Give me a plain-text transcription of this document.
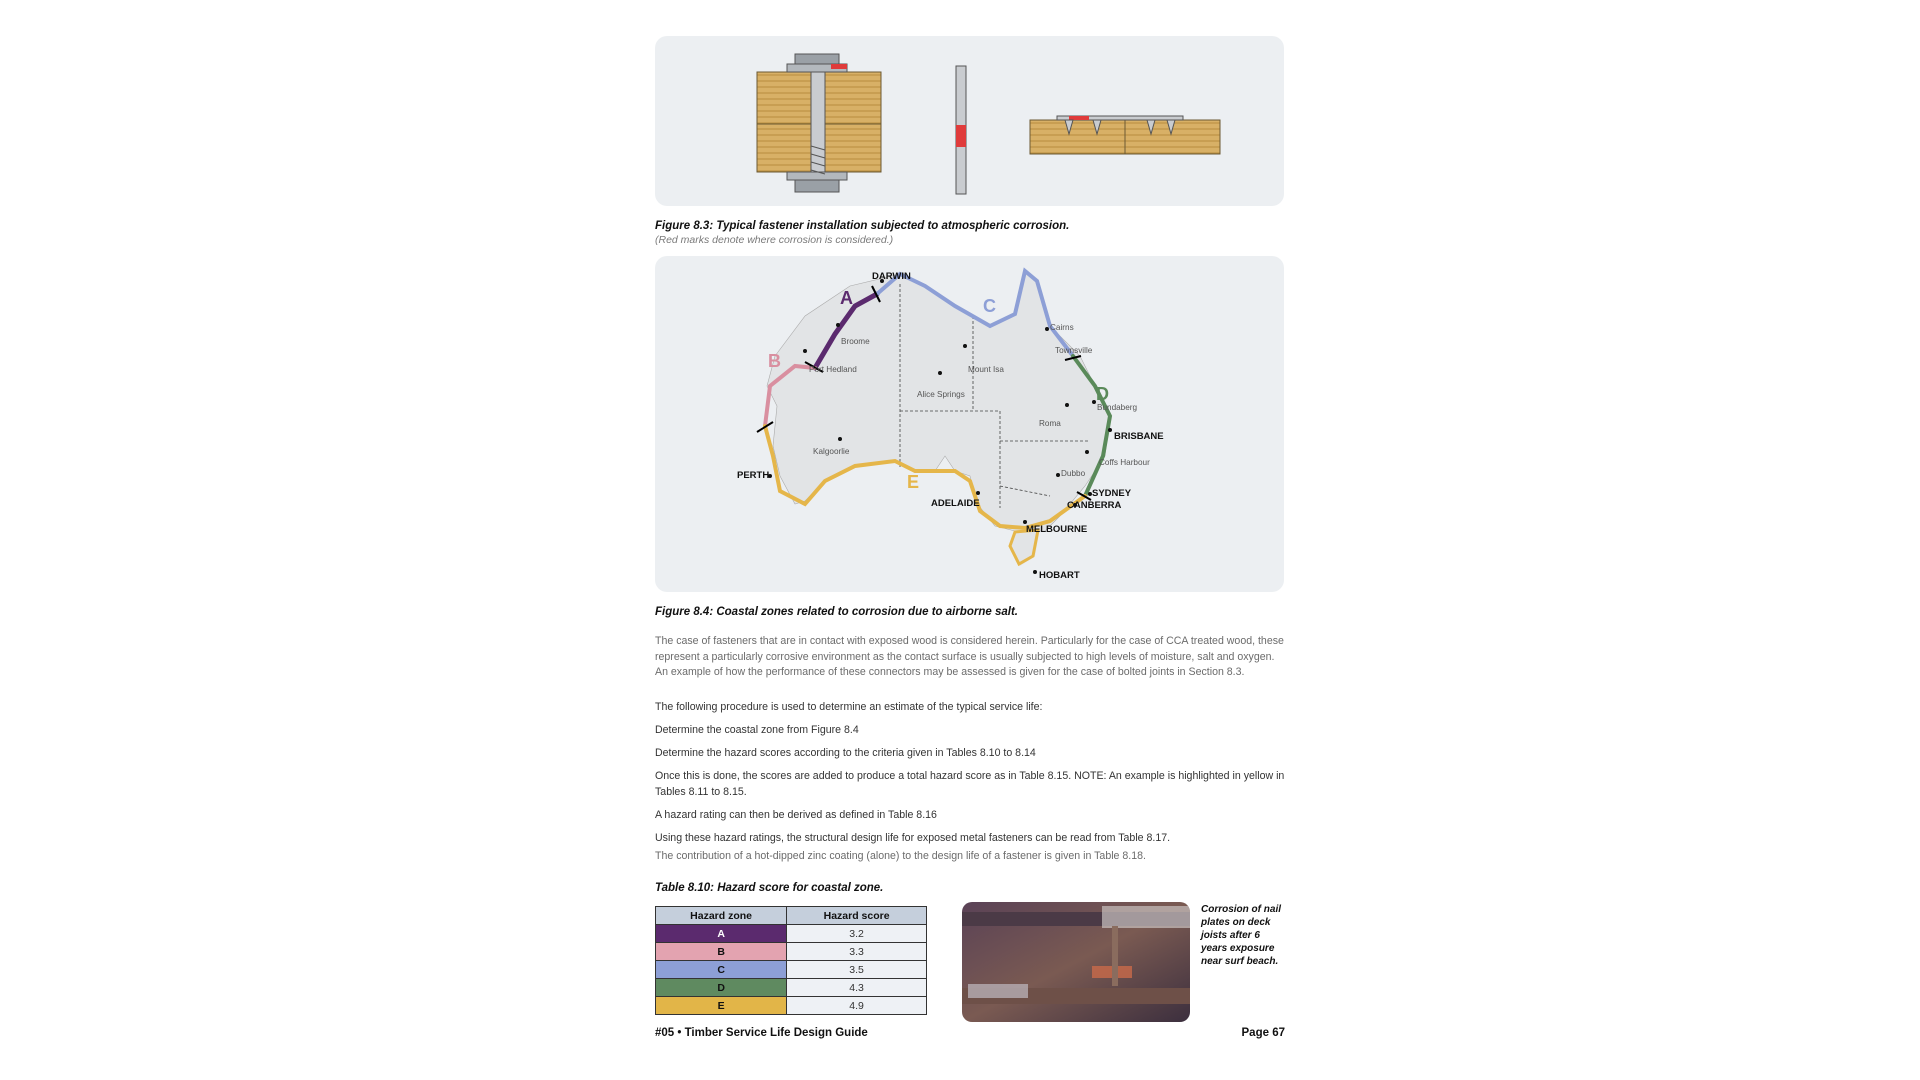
Figure 8.3: Typical fastener installation subjected to atmospheric corrosion.
(Red marks denote where corrosion is considered.)
A
B
C
D
E
DARWIN
Broome
Port Hedland
Cairns
Townsville
Mount Isa
Alice Springs
Bundaberg
Roma
BRISBANE
Kalgoorlie
Coffs Harbour
PERTH	Dubbo
SYDNEY
ADELAIDE	CANBERRA
MELBOURNE
HOBART
Figure 8.4: Coastal zones related to corrosion due to airborne salt.
The case of fasteners that are in contact with exposed wood is considered herein. Particularly for the case of CCA treated wood, these represent a particularly corrosive environment as the contact surface is usually subjected to high levels of moisture, salt and oxygen. An example of how the performance of these connectors may be assessed is given for the case of bolted joints in Section 8.3.
The following procedure is used to determine an estimate of the typical service life:
Determine the coastal zone from Figure 8.4
Determine the hazard scores according to the criteria given in Tables 8.10 to 8.14
Once this is done, the scores are added to produce a total hazard score as in Table 8.15. NOTE: An example is highlighted in yellow in Tables 8.11 to 8.15.
A hazard rating can then be derived as defined in Table 8.16
Using these hazard ratings, the structural design life for exposed metal fasteners can be read from Table 8.17.
The contribution of a hot-dipped zinc coating (alone) to the design life of a fastener is given in Table 8.18.
Table 8.10: Hazard score for coastal zone.
Hazard zone	Hazard score
A	3.2
B	3.3
C	3.5
D	4.3
E	4.9
Corrosion of nail plates on deck joists after 6 years exposure near surf beach.
#05 • Timber Service Life Design Guide	Page 67
